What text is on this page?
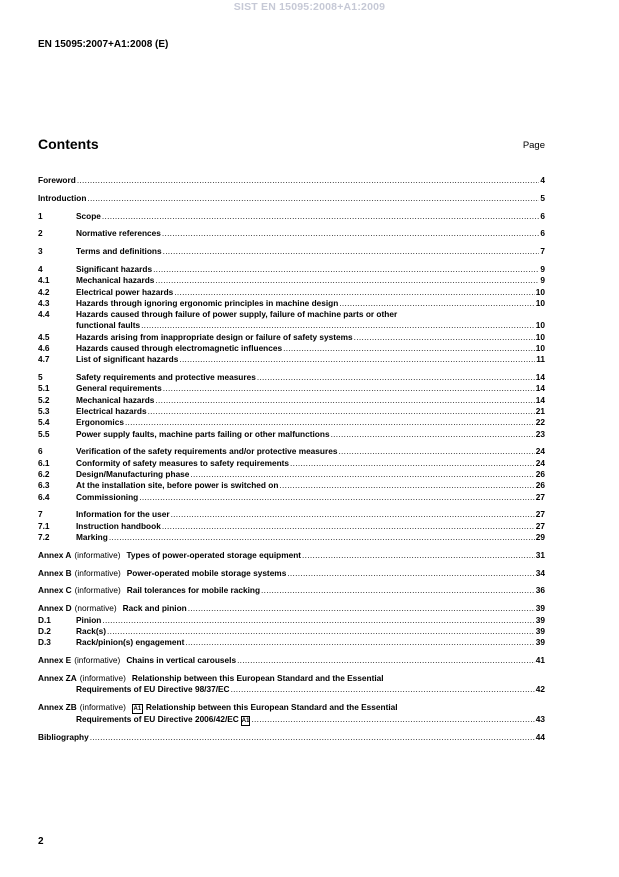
SIST EN 15095:2008+A1:2009
EN 15095:2007+A1:2008 (E)
Contents	Page
Foreword .....	4
Introduction .....	5
1	Scope .....	6
2	Normative references .....	6
3	Terms and definitions .....	7
4	Significant hazards .....	9
4.1	Mechanical hazards .....	9
4.2	Electrical power hazards .....	10
4.3	Hazards through ignoring ergonomic principles in machine design .....	10
4.4	Hazards caused through failure of power supply, failure of machine parts or other
functional faults .....	10
4.5	Hazards arising from inappropriate design or failure of safety systems .....	10
4.6	Hazards caused through electromagnetic influences .....	10
4.7	List of significant hazards .....	11
5	Safety requirements and protective measures .....	14
5.1	General requirements .....	14
5.2	Mechanical hazards .....	14
5.3	Electrical hazards .....	21
5.4	Ergonomics .....	22
5.5	Power supply faults, machine parts failing or other malfunctions .....	23
6	Verification of the safety requirements and/or protective measures .....	24
6.1	Conformity of safety measures to safety requirements .....	24
6.2	Design/Manufacturing phase .....	26
6.3	At the installation site, before power is switched on .....	26
6.4	Commissioning .....	27
7	Information for the user .....	27
7.1	Instruction handbook .....	27
7.2	Marking .....	29
Annex A (informative) Types of power-operated storage equipment .....	31
Annex B (informative) Power-operated mobile storage systems .....	34
Annex C (informative) Rail tolerances for mobile racking .....	36
Annex D (normative) Rack and pinion .....	39
D.1	Pinion .....	39
D.2	Rack(s) .....	39
D.3	Rack/pinion(s) engagement .....	39
Annex E (informative) Chains in vertical carousels .....	41
Annex ZA (informative) Relationship between this European Standard and the Essential
Requirements of EU Directive 98/37/EC .....	42
Annex ZB (informative) A1 Relationship between this European Standard and the Essential
Requirements of EU Directive 2006/42/EC A1 .....	43
Bibliography .....	44
2
